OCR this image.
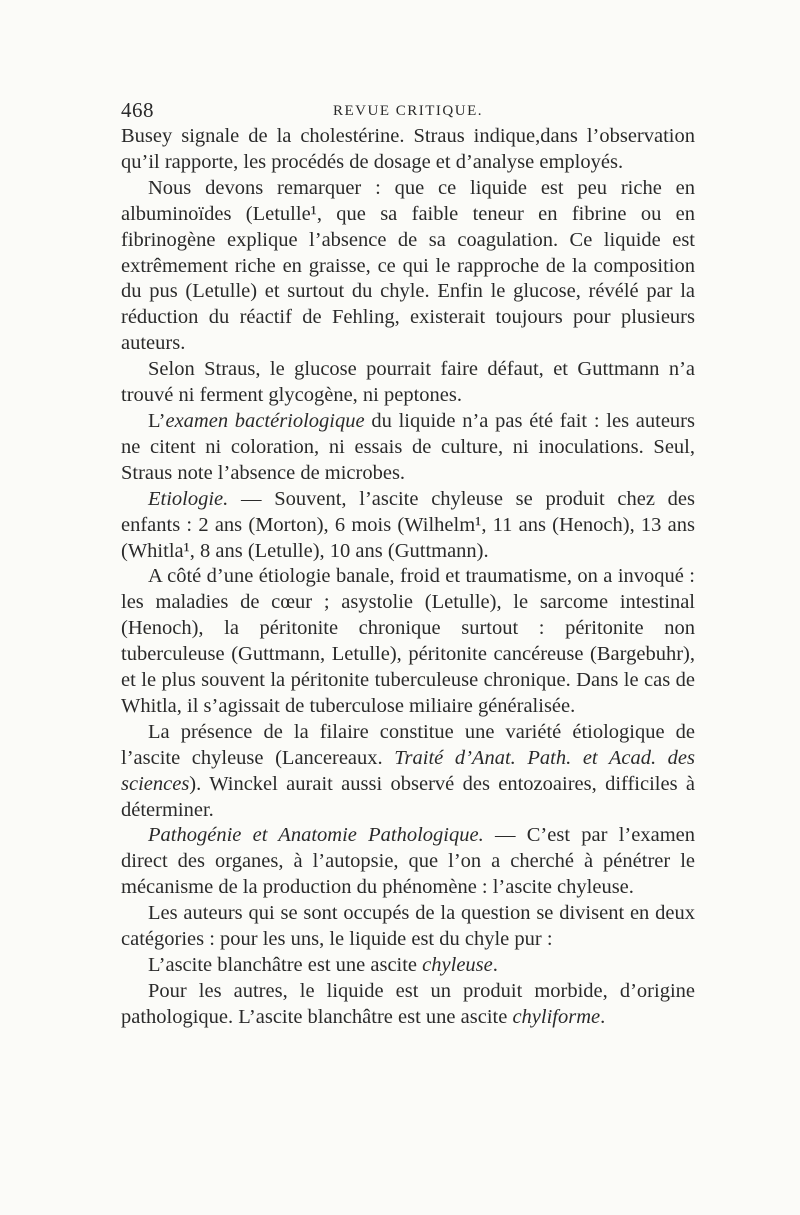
468	REVUE CRITIQUE.

Busey signale de la cholestérine. Straus indique,dans l’observation qu’il rapporte, les procédés de dosage et d’analyse employés.

Nous devons remarquer : que ce liquide est peu riche en albuminoïdes (Letulle¹, que sa faible teneur en fibrine ou en fibrinogène explique l’absence de sa coagulation. Ce liquide est extrêmement riche en graisse, ce qui le rapproche de la composition du pus (Letulle) et surtout du chyle. Enfin le glucose, révélé par la réduction du réactif de Fehling, existerait toujours pour plusieurs auteurs.

Selon Straus, le glucose pourrait faire défaut, et Guttmann n’a trouvé ni ferment glycogène, ni peptones.

L’examen bactériologique du liquide n’a pas été fait : les auteurs ne citent ni coloration, ni essais de culture, ni inoculations. Seul, Straus note l’absence de microbes.

Etiologie. — Souvent, l’ascite chyleuse se produit chez des enfants : 2 ans (Morton), 6 mois (Wilhelm¹, 11 ans (Henoch), 13 ans (Whitla¹, 8 ans (Letulle), 10 ans (Guttmann).

A côté d’une étiologie banale, froid et traumatisme, on a invoqué : les maladies de cœur ; asystolie (Letulle), le sarcome intestinal (Henoch), la péritonite chronique surtout : péritonite non tuberculeuse (Guttmann, Letulle), péritonite cancéreuse (Bargebuhr), et le plus souvent la péritonite tuberculeuse chronique. Dans le cas de Whitla, il s’agissait de tuberculose miliaire généralisée.

La présence de la filaire constitue une variété étiologique de l’ascite chyleuse (Lancereaux. Traité d’Anat. Path. et Acad. des sciences). Winckel aurait aussi observé des entozoaires, difficiles à déterminer.

Pathogénie et Anatomie Pathologique. — C’est par l’examen direct des organes, à l’autopsie, que l’on a cherché à pénétrer le mécanisme de la production du phénomène : l’ascite chyleuse.

Les auteurs qui se sont occupés de la question se divisent en deux catégories : pour les uns, le liquide est du chyle pur :

L’ascite blanchâtre est une ascite chyleuse.

Pour les autres, le liquide est un produit morbide, d’origine pathologique. L’ascite blanchâtre est une ascite chyliforme.
